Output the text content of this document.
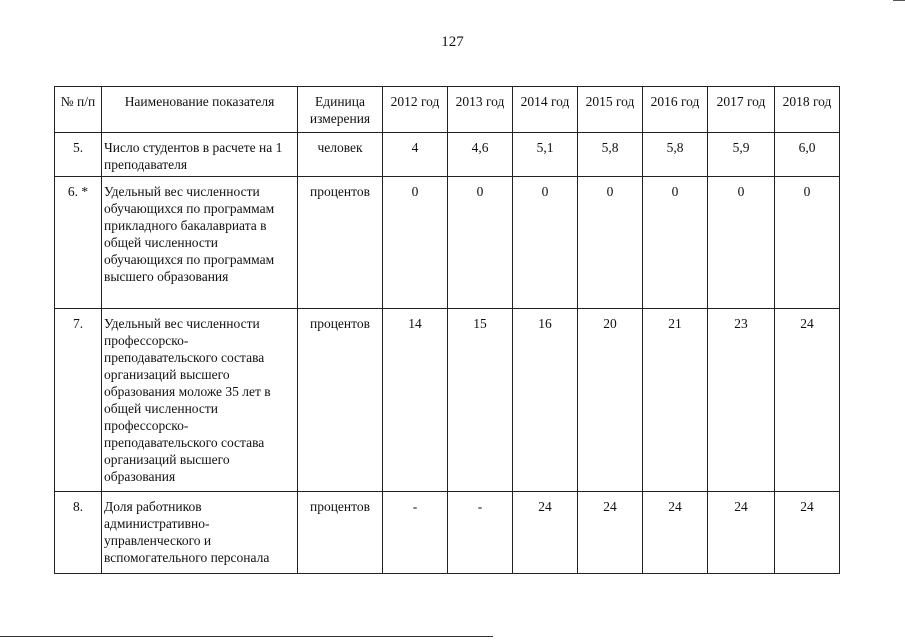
127
№ п/п	Наименование показателя	Единица измерения	2012 год	2013 год	2014 год	2015 год	2016 год	2017 год	2018 год
5.	Число студентов в расчете на 1 преподавателя	человек	4	4,6	5,1	5,8	5,8	5,9	6,0
6. *	Удельный вес численности обучающихся по программам прикладного бакалавриата в общей численности обучающихся по программам высшего образования	процентов	0	0	0	0	0	0	0
7.	Удельный вес численности профессорско-преподавательского состава организаций высшего образования моложе 35 лет в общей численности профессорско-преподавательского состава организаций высшего образования	процентов	14	15	16	20	21	23	24
8.	Доля работников административно-управленческого и вспомогательного персонала	процентов	-	-	24	24	24	24	24
